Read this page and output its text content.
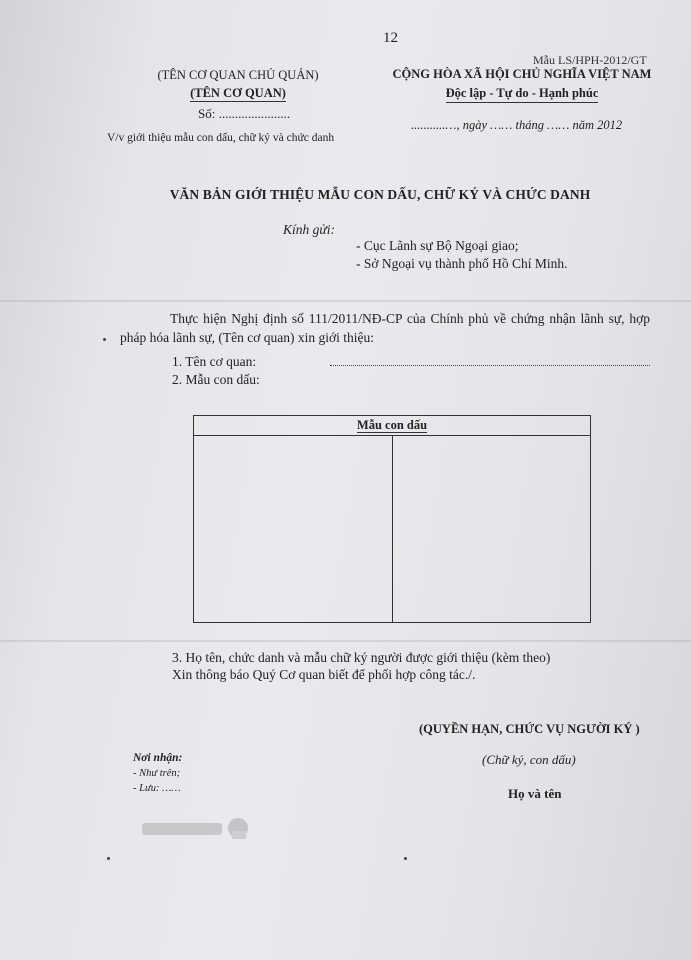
12
Mẫu LS/HPH-2012/GT
(TÊN CƠ QUAN CHỦ QUẢN)
(TÊN CƠ QUAN)
Số: ......................
V/v giới thiệu mẫu con dấu, chữ ký và chức danh
CỘNG HÒA XÃ HỘI CHỦ NGHĨA VIỆT NAM
Độc lập - Tự do - Hạnh phúc
...........…, ngày …… tháng …… năm 2012
VĂN BẢN GIỚI THIỆU MẪU CON DẤU, CHỮ KÝ VÀ CHỨC DANH
Kính gửi:
- Cục Lãnh sự Bộ Ngoại giao;
- Sở Ngoại vụ thành phố Hồ Chí Minh.
Thực hiện Nghị định số 111/2011/NĐ-CP của Chính phủ về chứng nhận lãnh sự, hợp pháp hóa lãnh sự, (Tên cơ quan) xin giới thiệu:
1. Tên cơ quan:
2. Mẫu con dấu:
Mẫu con dấu
3. Họ tên, chức danh và mẫu chữ ký người được giới thiệu (kèm theo)
Xin thông báo Quý Cơ quan biết để phối hợp công tác./.
(QUYỀN HẠN, CHỨC VỤ NGƯỜI KÝ )
(Chữ ký, con dấu)
Họ và tên
Nơi nhận:
- Như trên;
- Lưu: ……
